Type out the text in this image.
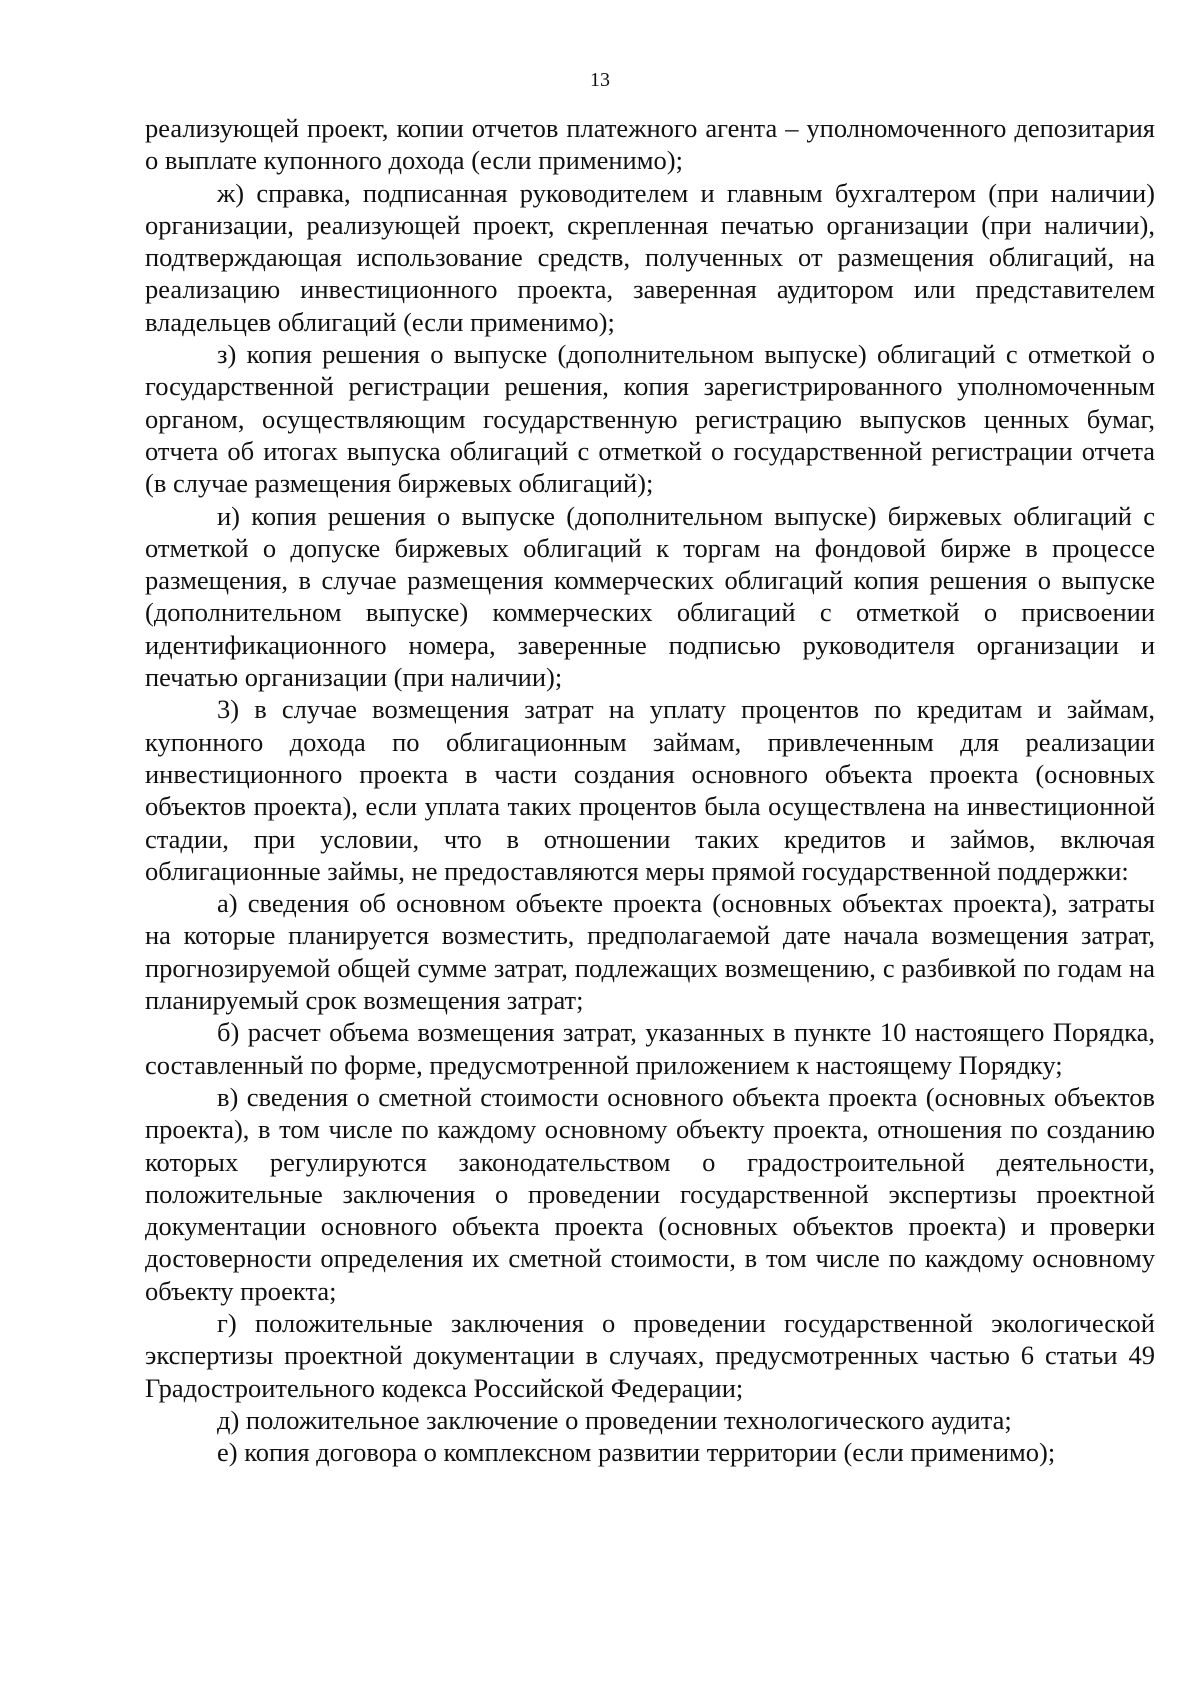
13

реализующей проект, копии отчетов платежного агента – уполномоченного депозитария о выплате купонного дохода (если применимо);

ж) справка, подписанная руководителем и главным бухгалтером (при наличии) организации, реализующей проект, скрепленная печатью организации (при наличии), подтверждающая использование средств, полученных от размещения облигаций, на реализацию инвестиционного проекта, заверенная аудитором или представителем владельцев облигаций (если применимо);

з) копия решения о выпуске (дополнительном выпуске) облигаций с отметкой о государственной регистрации решения, копия зарегистрированного уполномоченным органом, осуществляющим государственную регистрацию выпусков ценных бумаг, отчета об итогах выпуска облигаций с отметкой о государственной регистрации отчета (в случае размещения биржевых облигаций);

и) копия решения о выпуске (дополнительном выпуске) биржевых облигаций с отметкой о допуске биржевых облигаций к торгам на фондовой бирже в процессе размещения, в случае размещения коммерческих облигаций копия решения о выпуске (дополнительном выпуске) коммерческих облигаций с отметкой о присвоении идентификационного номера, заверенные подписью руководителя организации и печатью организации (при наличии);

3) в случае возмещения затрат на уплату процентов по кредитам и займам, купонного дохода по облигационным займам, привлеченным для реализации инвестиционного проекта в части создания основного объекта проекта (основных объектов проекта), если уплата таких процентов была осуществлена на инвестиционной стадии, при условии, что в отношении таких кредитов и займов, включая облигационные займы, не предоставляются меры прямой государственной поддержки:

а) сведения об основном объекте проекта (основных объектах проекта), затраты на которые планируется возместить, предполагаемой дате начала возмещения затрат, прогнозируемой общей сумме затрат, подлежащих возмещению, с разбивкой по годам на планируемый срок возмещения затрат;

б) расчет объема возмещения затрат, указанных в пункте 10 настоящего Порядка, составленный по форме, предусмотренной приложением к настоящему Порядку;

в) сведения о сметной стоимости основного объекта проекта (основных объектов проекта), в том числе по каждому основному объекту проекта, отношения по созданию которых регулируются законодательством о градостроительной деятельности, положительные заключения о проведении государственной экспертизы проектной документации основного объекта проекта (основных объектов проекта) и проверки достоверности определения их сметной стоимости, в том числе по каждому основному объекту проекта;

г) положительные заключения о проведении государственной экологической экспертизы проектной документации в случаях, предусмотренных частью 6 статьи 49 Градостроительного кодекса Российской Федерации;

д) положительное заключение о проведении технологического аудита;

е) копия договора о комплексном развитии территории (если применимо);
